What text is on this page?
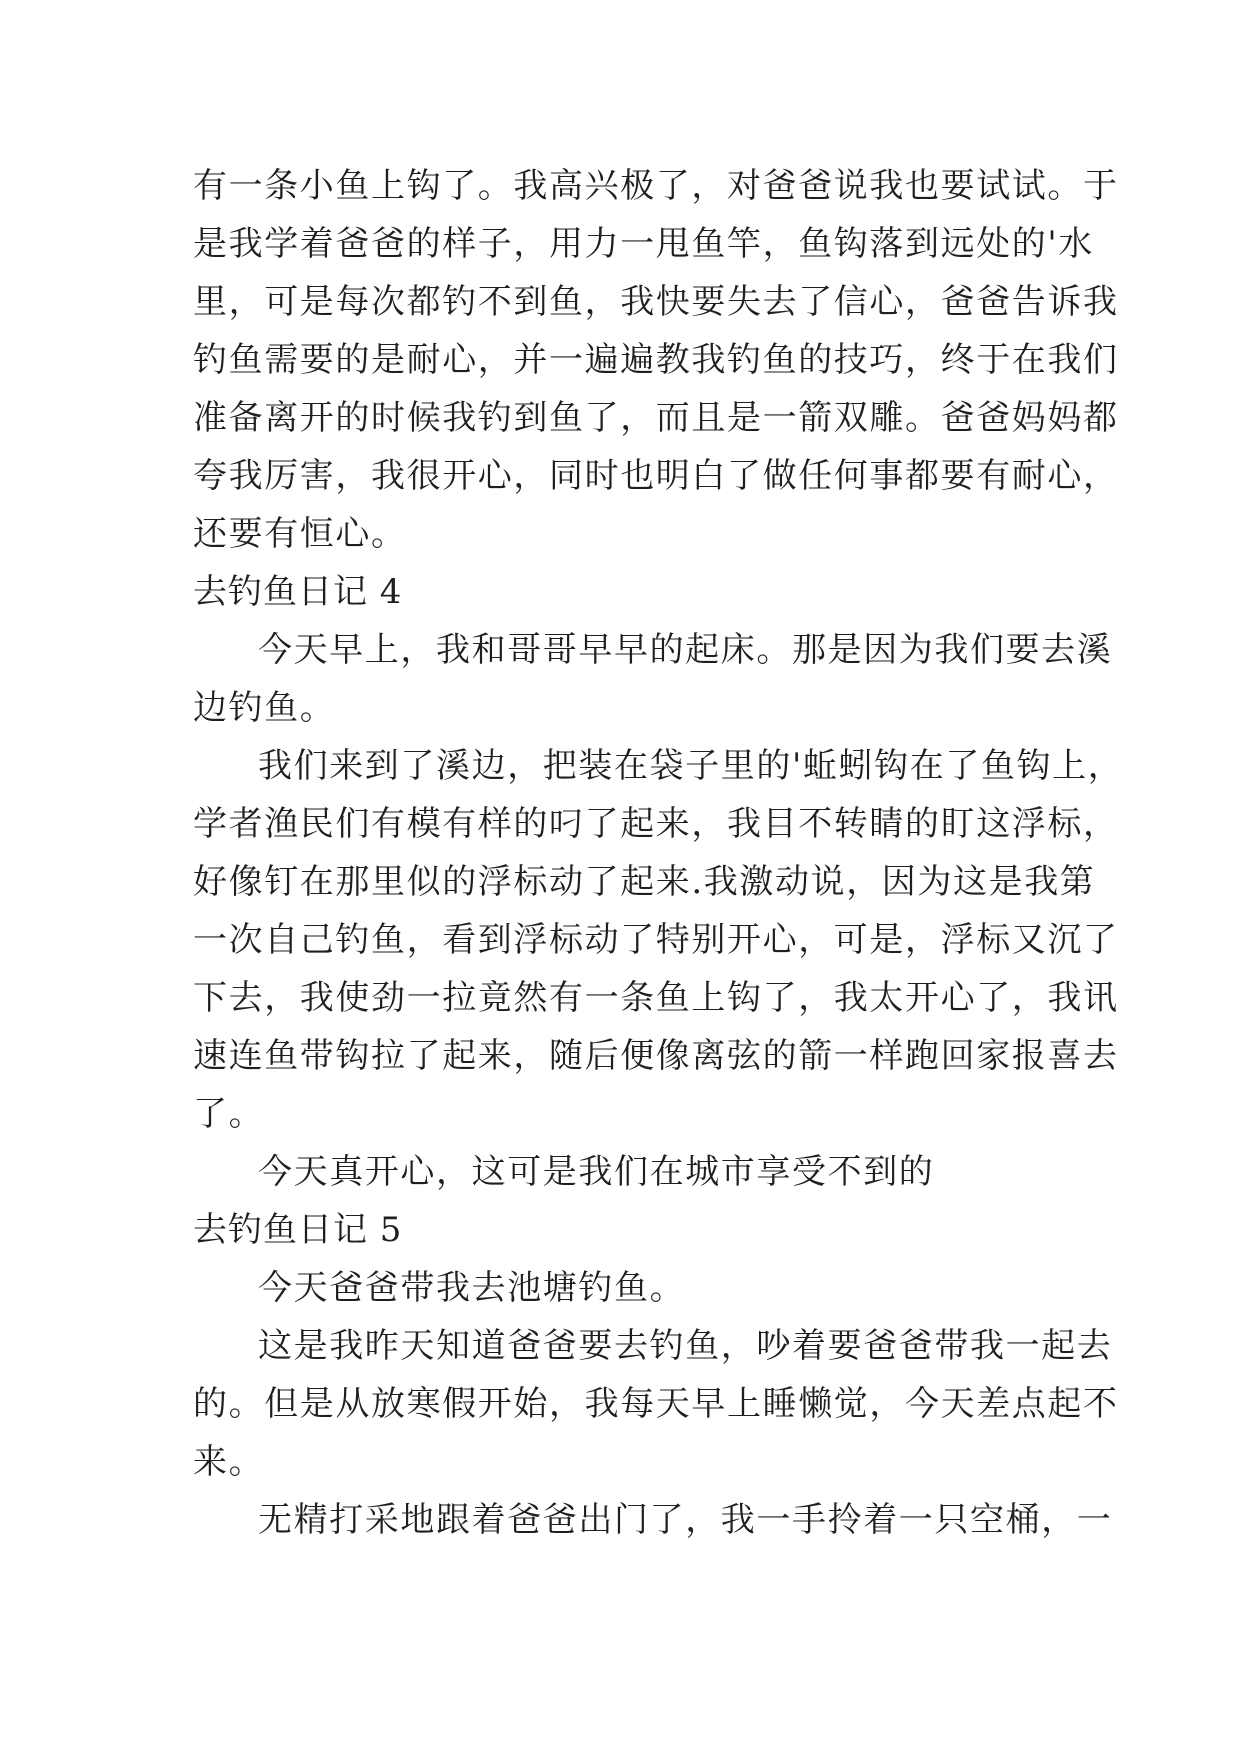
有一条小鱼上钩了。我高兴极了，对爸爸说我也要试试。于
是我学着爸爸的样子，用力一甩鱼竿，鱼钩落到远处的'水
里，可是每次都钓不到鱼，我快要失去了信心，爸爸告诉我
钓鱼需要的是耐心，并一遍遍教我钓鱼的技巧，终于在我们
准备离开的时候我钓到鱼了，而且是一箭双雕。爸爸妈妈都
夸我厉害，我很开心，同时也明白了做任何事都要有耐心，
还要有恒心。
去钓鱼日记 4
今天早上，我和哥哥早早的起床。那是因为我们要去溪
边钓鱼。
我们来到了溪边，把装在袋子里的'蚯蚓钩在了鱼钩上，
学者渔民们有模有样的叼了起来，我目不转睛的盯这浮标，
好像钉在那里似的浮标动了起来.我激动说，因为这是我第
一次自己钓鱼，看到浮标动了特别开心，可是，浮标又沉了
下去，我使劲一拉竟然有一条鱼上钩了，我太开心了，我讯
速连鱼带钩拉了起来，随后便像离弦的箭一样跑回家报喜去
了。
今天真开心，这可是我们在城市享受不到的
去钓鱼日记 5
今天爸爸带我去池塘钓鱼。
这是我昨天知道爸爸要去钓鱼，吵着要爸爸带我一起去
的。但是从放寒假开始，我每天早上睡懒觉，今天差点起不
来。
无精打采地跟着爸爸出门了，我一手拎着一只空桶，一
